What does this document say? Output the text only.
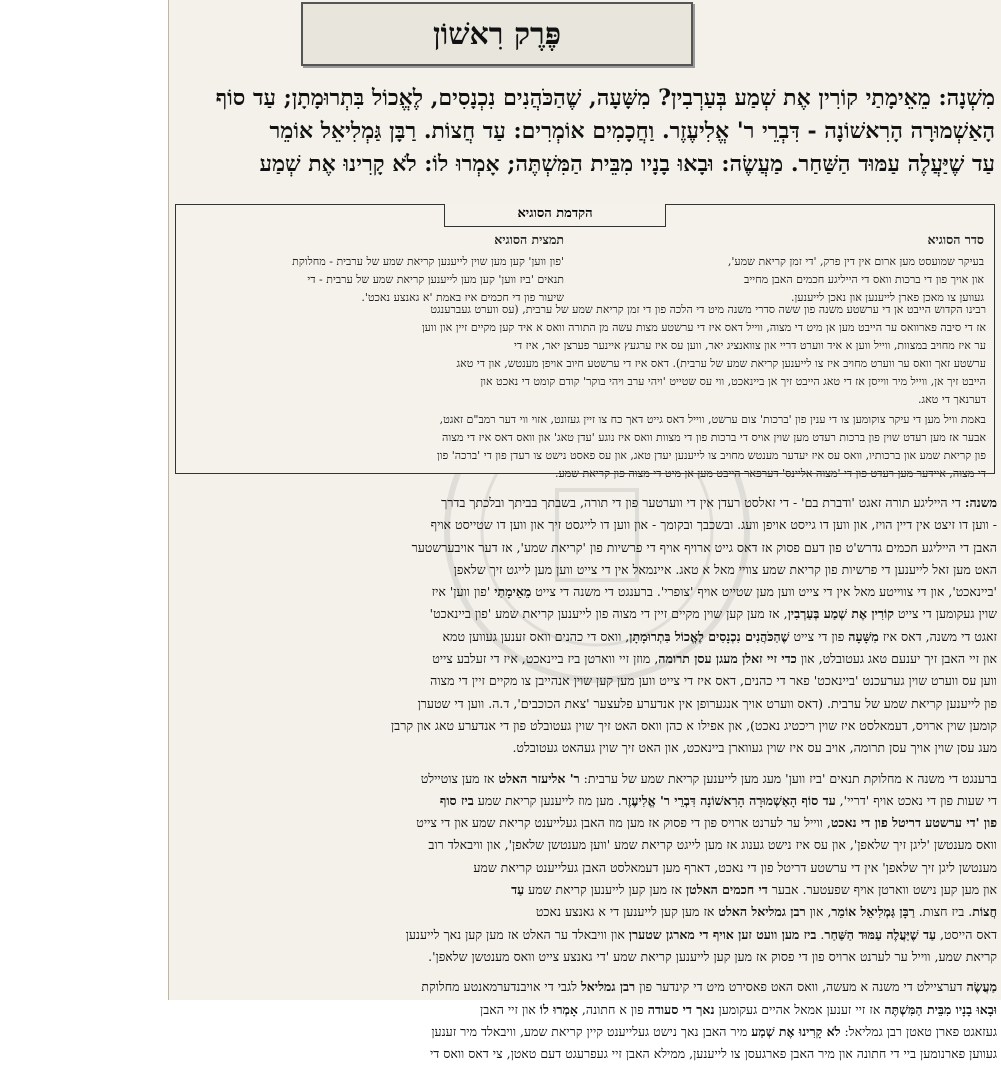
פֶּרֶק רִאשׁוֹן
מִשְׁנָה: מֵאֵימָתַי קוֹרִין אֶת שְׁמַע בְּעַרְבִין? מִשָּׁעָה, שֶׁהַכֹּהֲנִים נִכְנָסִים, לֶאֱכוֹל בִּתְרוּמָתָן; עַד סוֹף
הָאַשְׁמוּרָה הָרִאשׁוֹנָה - דִּבְרֵי ר' אֱלִיעֶזֶר. וַחֲכָמִים אוֹמְרִים: עַד חֲצוֹת. רַבָּן גַּמְלִיאֵל אוֹמֵר
עַד שֶׁיַּעֲלֶה עַמּוּד הַשַּׁחַר. מַעֲשֶׂה: וּבָאוּ בָנָיו מִבֵּית הַמִּשְׁתֶּה; אָמְרוּ לוֹ: לֹא קָרִינוּ אֶת שְׁמַע
הקדמת הסוגיא
סדר הסוגיא
בעיקר שמועסט מען ארום אין דין פרק, 'די זמן קריאת שמע',
און אויך פון די ברכות וואס די הייליגע חכמים האבן מחייב
געווען צו מאכן פארן לייענען און נאכן לייענען.
תמצית הסוגיא
'פון ווען' קען מען שוין לייענען קריאת שמע של ערבית - מחלוקת
תנאים 'ביז ווען' קען מען לייענען קריאת שמע של ערבית - די
שיעור פון די חכמים איז באמת 'א גאנצע נאכט'.
רבינו הקדוש הייבט אן די ערשטע משנה פון ששה סדרי משנה מיט די הלכה פון די זמן קריאת שמע של ערבית, (עס ווערט געברענגט
אז די סיבה פארוואס ער הייבט מען אן מיט די מצוה, ווייל דאס איז די ערשטע מצות עשה מן התורה וואס א איד קען מקיים זיין און ווען
ער איז מחויב במצוות, ווייל ווען א איד ווערט דריי און צוואנציג יאר, ווען עס איז ערגעץ איינער פערצן יאר, איז די
ערשטע זאך וואס ער ווערט מחויב איז צו לייענען קריאת שמע של ערבית). דאס איז די ערשטע חיוב אויפן מענטש, און די טאג
הייבט זיך אן, ווייל מיר ווייסן אז די טאג הייבט זיך אן ביינאכט, ווי עס שטייט 'ויהי ערב ויהי בוקר' קודם קומט די נאכט און
דערנאך די טאג.
באמת וויל מען די עיקר צוקומען צו די ענין פון 'ברכות' צום ערשט, ווייל דאס גייט דאך כח צו זיין געזונט, אזוי ווי דער רמב"ם זאגט,
אבער אז מען רעדט שוין פון ברכות רעדט מען שוין אויס די ברכות פון די מצוות וואס איז נוגע 'עדן טאג' און וואס דאס איז די מצוה
פון קריאת שמע און ברכותיו, וואס עס איז יעדער מענטש מחויב צו לייענען יעדן טאג, און עס פאסט נישט צו רעדן פון די 'ברכה' פון
די מצוה, איידער מען רעדט פון די 'מצוה אליינס' דערפאר הייבט מען אן מיט די מצוה פון קריאת שמע.
משנה: די הייליגע תורה זאגט 'ודברת בם' - די זאלסט רעדן אין די ווערטער פון די תורה, בשבתך בביתך ובלכתך בדרך
- ווען דו זיצט אין דיין הויז, און ווען דו גייסט אויפן וועג. ובשכבך ובקומך - און ווען דו לייגסט זיך און ווען דו שטייסט אויף
האבן די הייליגע חכמים גדרש'ט פון דעם פסוק אז דאס גייט ארויף אויף די פרשיות פון 'קריאת שמע', אז דער אויבערשטער
האט מען זאל לייענען די פרשיות פון קריאת שמע צוויי מאל א טאג. איינמאל אין די צייט ווען מען לייגט זיך שלאפן
'ביינאכט', און די צווייטע מאל אין די צייט ווען מען שטייט אויף 'צופרי'. ברענגט די משנה די צייט מֵאֵימָתַי 'פון ווען' איז
שוין געקומען די צייט קוֹרִין אֶת שְׁמַע בְּעַרְבִין, אז מען קען שוין מקיים זיין די מצוה פון לייענען קריאת שמע 'פון ביינאכט'
זאגט די משנה, דאס איז מִשָּׁעָה פון די צייט שֶׁהַכֹּהֲנִים נִכְנָסִים לֶאֱכוֹל בִּתְרוּמָתָן, וואס די כהנים וואס זענען געווען טמא
און זיי האבן זיך יענעם טאג געטובלט, און כדי זיי זאלן מעגן עסן תרומה, מוזן זיי ווארטן ביז ביינאכט, איז די זעלבע צייט
ווען עס ווערט שוין גערעכנט 'ביינאכט' פאר די כהנים, דאס איז די צייט ווען מען קען שוין אנהייבן צו מקיים זיין די מצוה
פון לייענען קריאת שמע של ערבית. (דאס ווערט אויך אנגערופן אין אנדערע פלעצער 'צאת הכוכבים', ד.ה. ווען די שטערן
קומען שוין ארויס, דעמאלסט איז שוין ריכטיג נאכט), און אפילו א כהן וואס האט זיך שוין געטובלט פון די אנדערע טאג און קרבן
מעג עסן שוין אויך עסן תרומה, אויב עס איז שוין געווארן ביינאכט, און האט זיך שוין געהאט געטובלט.
ברענגט די משנה א מחלוקת תנאים 'ביז ווען' מעג מען לייענען קריאת שמע של ערבית: ר' אליעזר האלט אז מען צוטיילט
די שעות פון די נאכט אויף 'דריי', עד סוֹף הָאַשְׁמוּרָה הָרִאשׁוֹנָה דִּבְרֵי ר' אֱלִיעֶזֶר. מען מוז לייענען קריאת שמע ביז סוף
פון 'די ערשטע דריטל פון די נאכט, ווייל ער לערנט ארויס פון די פסוק אז מען מוז האבן געלייענט קריאת שמע און די צייט
וואס מענטשן 'ליגן זיך שלאפן', און עס איז נישט גענוג אז מען לייגט קריאת שמע 'ווען מענטשן שלאפן', און וויבאלד רוב
מענטשן ליגן זיך שלאפן' אין די ערשטע דריטל פון די נאכט, דארף מען דעמאלסט האבן געלייענט קריאת שמע
און מען קען נישט ווארטן אויף שפעטער. אבער די חכמים האלטן אז מען קען לייענען קריאת שמע עַד
חֲצוֹת. ביז חצות. רַבָּן גַּמְלִיאֵל אוֹמֵר, און רבן גמליאל האלט אז מען קען לייענען די א גאנצע נאכט
דאס הייסט, עַד שֶׁיַּעֲלֶה עַמּוּד הַשַּׁחַר. ביז מען וועט זען אויף די מארגן שטערן און וויבאלד ער האלט אז מען קען נאך לייענען
קריאת שמע, ווייל ער לערנט ארויס פון די פסוק אז מען קען לייענען קריאת שמע 'די גאנצע צייט וואס מענטשן שלאפן'.
מַעֲשֶׂה דערציילט די משנה א מעשה, וואס האט פאסירט מיט די קינדער פון רבן גמליאל לגבי די אויבנדערמאנטע מחלוקת
וּבָאוּ בָנָיו מִבֵּית הַמִּשְׁתֶּה אז זיי זענען אמאל אהיים געקומען נאך די סעודה פון א חתונה, אָמְרוּ לוֹ און זיי האבן
געזאגט פארן טאטן רבן גמליאל: לֹא קָרִינוּ אֶת שְׁמַע מיר האבן נאך נישט געלייענט קיין קריאת שמע, וויבאלד מיר זענען
געווען פארנומען ביי די חתונה און מיר האבן פארגעסן צו לייענען, ממילא האבן זיי געפרעגט דעם טאטן, צי דאס וואס די
